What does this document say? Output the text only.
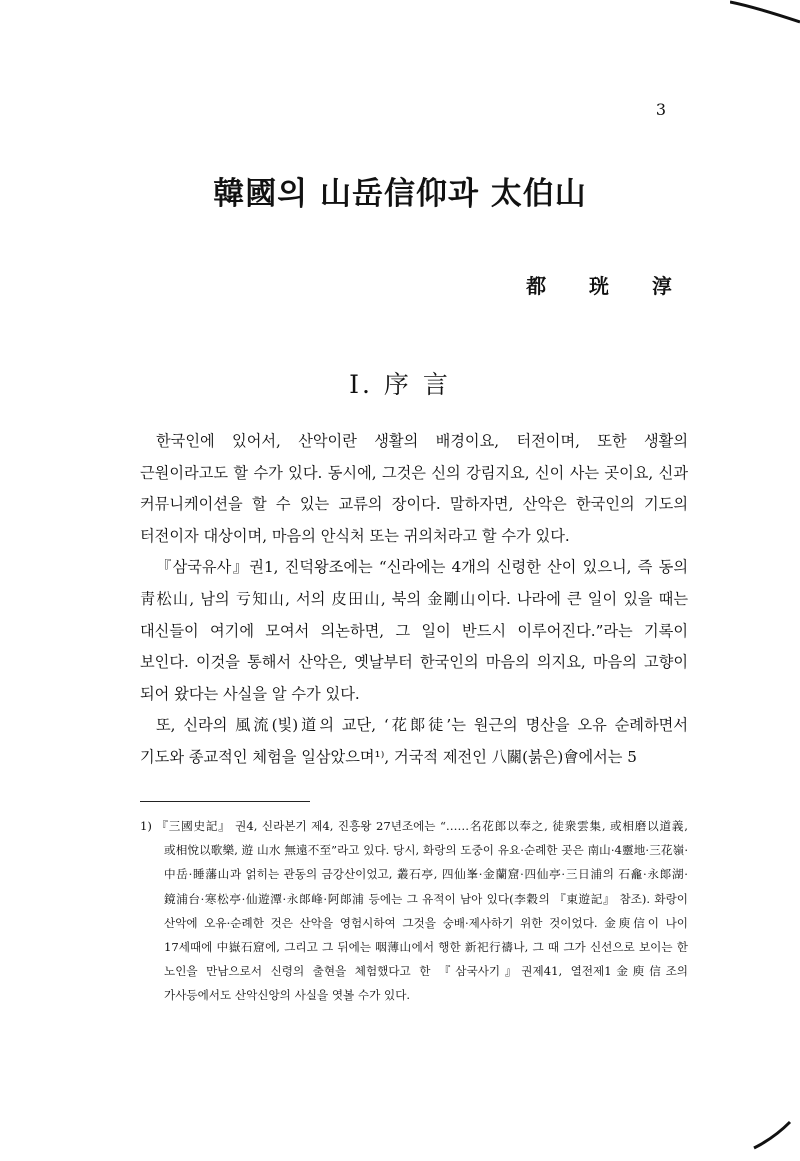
3
韓國의 山岳信仰과 太伯山
都 珖 淳
I. 序 言

한국인에 있어서, 산악이란 생활의 배경이요, 터전이며, 또한 생활의 근원이라고도 할 수가 있다. 동시에, 그것은 신의 강림지요, 신이 사는 곳이요, 신과 커뮤니케이션을 할 수 있는 교류의 장이다. 말하자면, 산악은 한국인의 기도의 터전이자 대상이며, 마음의 안식처 또는 귀의처라고 할 수가 있다.

『삼국유사』권1, 진덕왕조에는 “신라에는 4개의 신령한 산이 있으니, 즉 동의 靑松山, 남의 亏知山, 서의 皮田山, 북의 金剛山이다. 나라에 큰 일이 있을 때는 대신들이 여기에 모여서 의논하면, 그 일이 반드시 이루어진다.”라는 기록이 보인다. 이것을 통해서 산악은, 옛날부터 한국인의 마음의 의지요, 마음의 고향이 되어 왔다는 사실을 알 수가 있다.

또, 신라의 風流(빛)道의 교단, ‘花郞徒’는 원근의 명산을 오유 순례하면서 기도와 종교적인 체험을 일삼았으며¹⁾, 거국적 제전인 八關(붉은)會에서는 5

1) 『三國史記』 권4, 신라본기 제4, 진흥왕 27년조에는 “……名花郎以奉之, 徒衆雲集, 或相磨以道義, 或相悅以歌樂, 遊 山水 無遠不至”라고 있다. 당시, 화랑의 도중이 유요·순례한 곳은 南山·4靈地·三花嶺·中岳·睡藩山과 얽히는 관동의 금강산이었고, 叢石亭, 四仙峯·金蘭窟·四仙亭·三日浦의 石龕·永郞湖·鏡浦台·寒松亭·仙遊潭·永郞峰·阿郞浦 등에는 그 유적이 남아 있다(李穀의 『東遊記』 참조). 화랑이 산악에 오유·순례한 것은 산악을 영험시하여 그것을 숭배·제사하기 위한 것이었다. 金庾信이 나이 17세때에 中嶽石窟에, 그리고 그 뒤에는 咽薄山에서 행한 新祀行禱나, 그 때 그가 신선으로 보이는 한 노인을 만남으로서 신령의 출현을 체험했다고 한 『삼국사기』권제41, 열전제1金庾信조의 가사등에서도 산악신앙의 사실을 엿볼 수가 있다.
